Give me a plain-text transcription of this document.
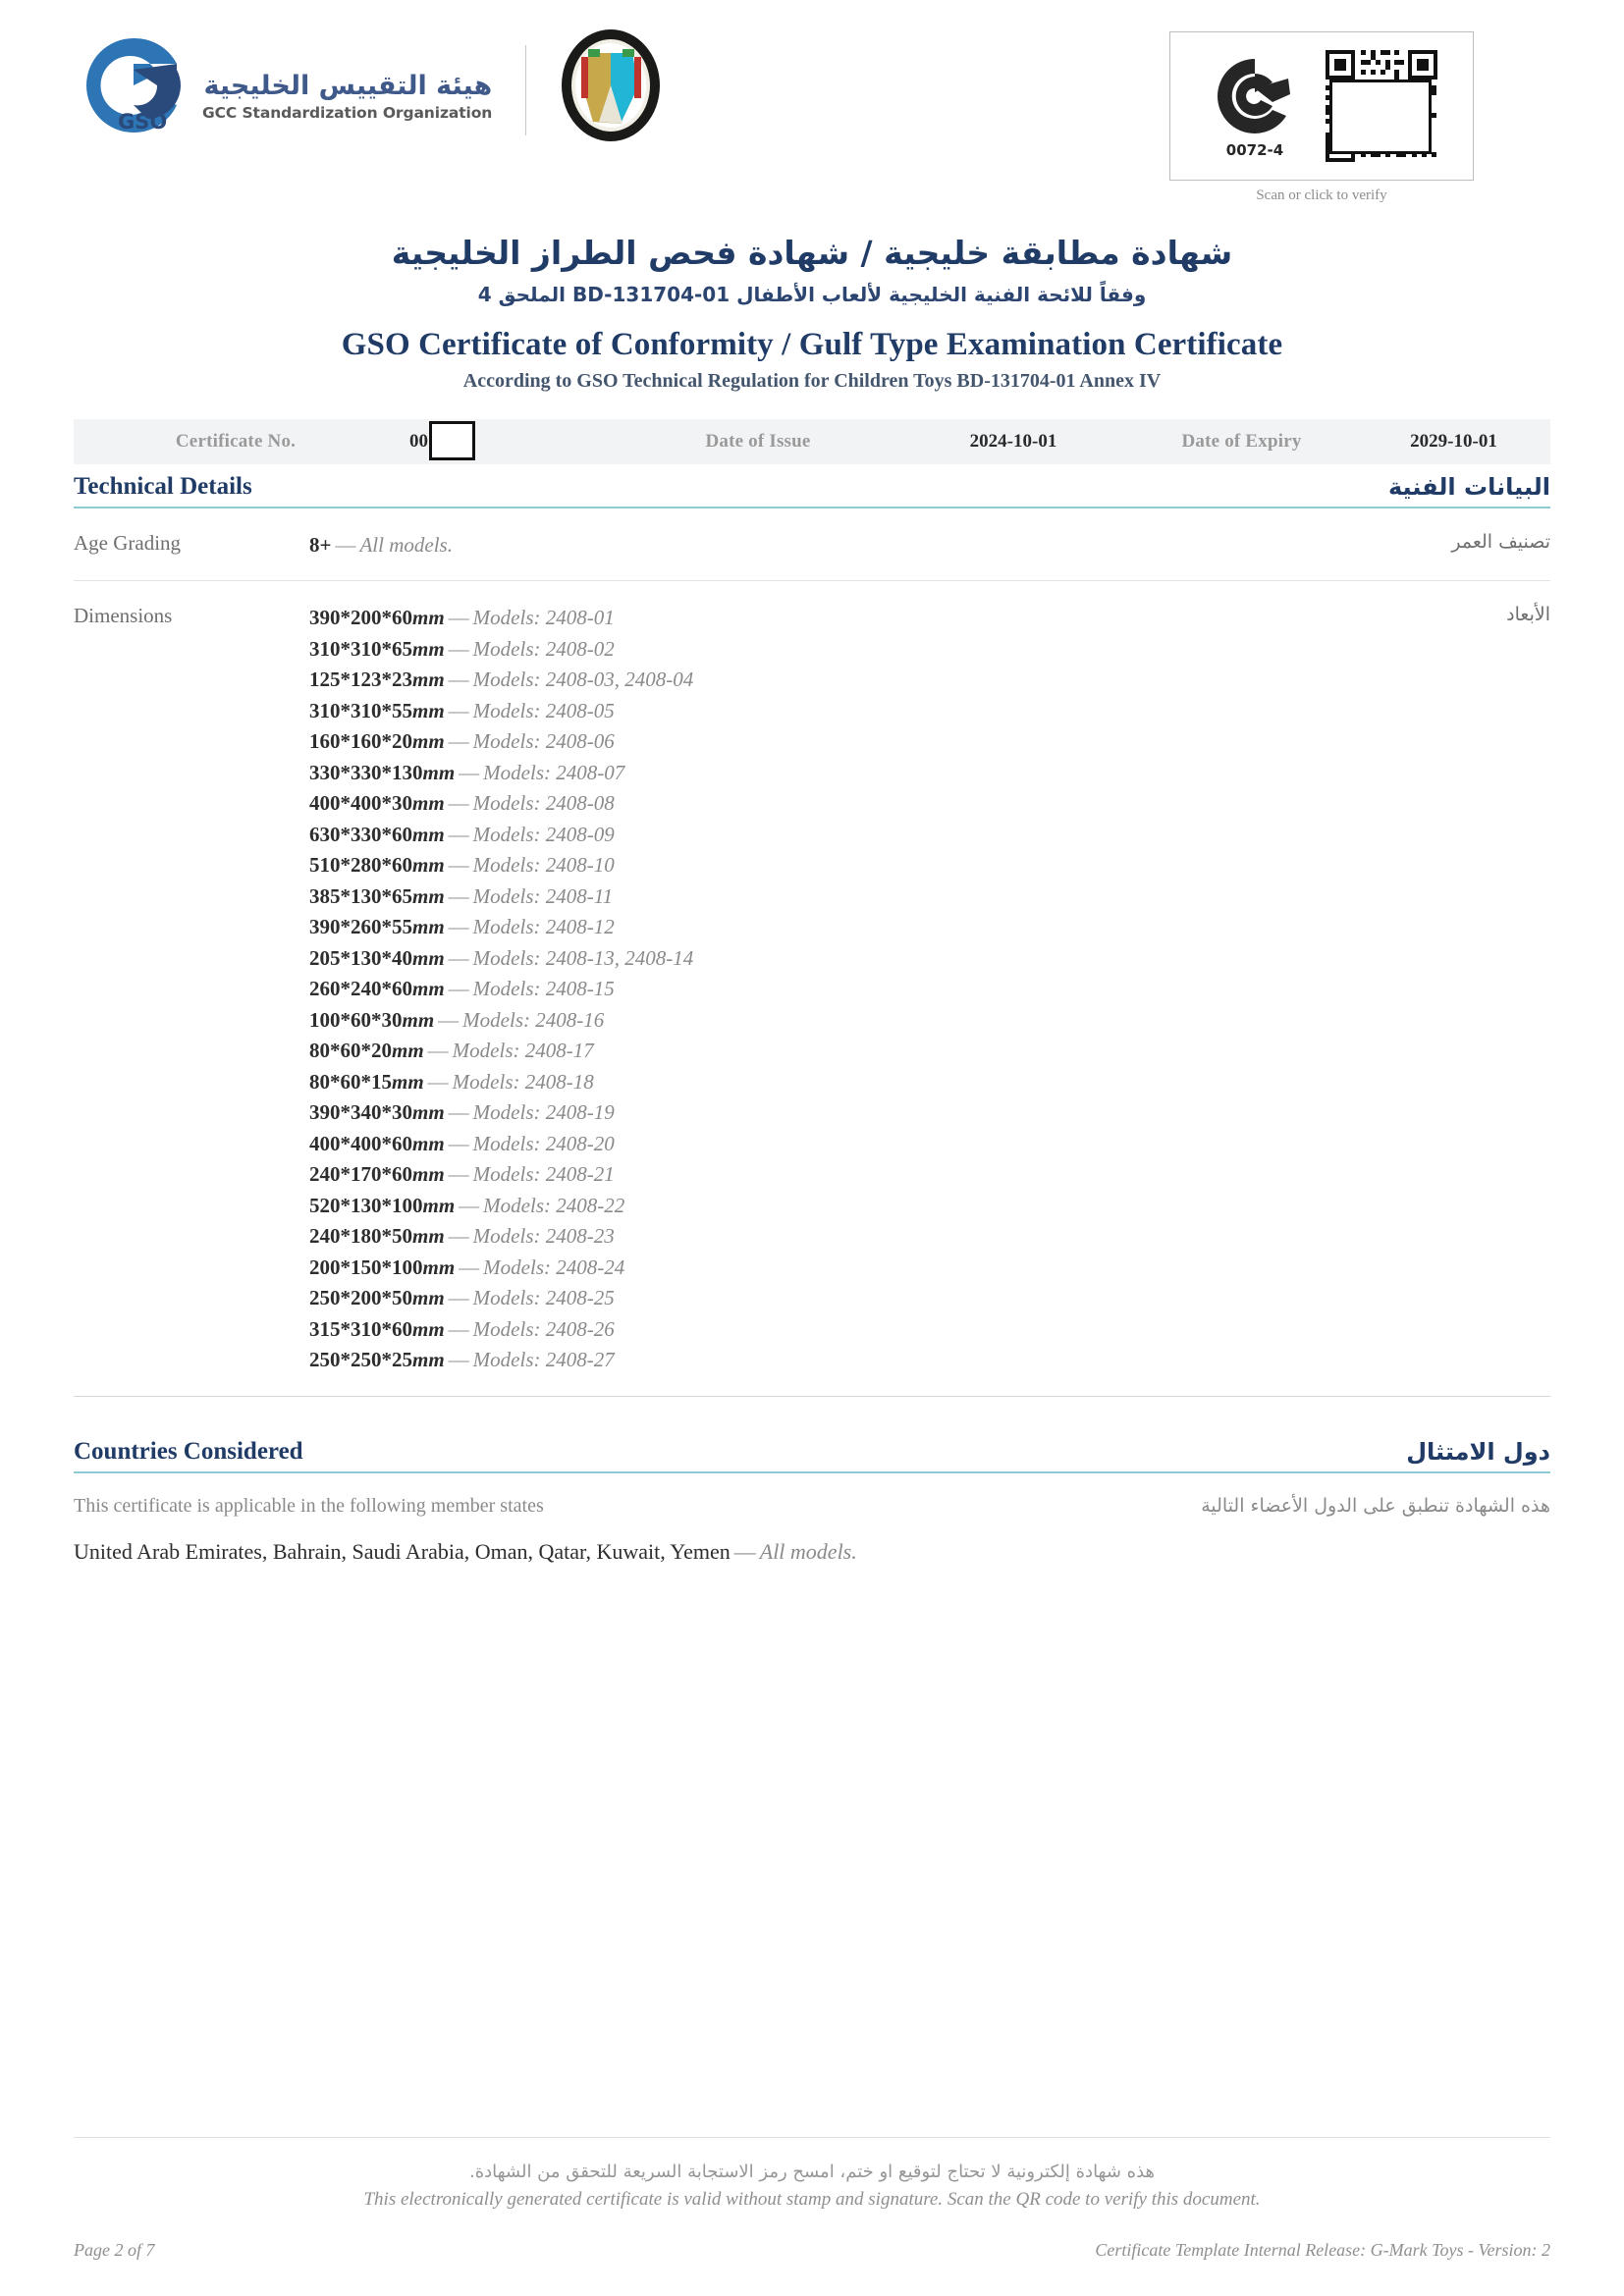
GSO
هيئة التقييس الخليجية
GCC Standardization Organization
0072-4
Scan or click to verify
شهادة مطابقة خليجية / شهادة فحص الطراز الخليجية
وفقاً للائحة الفنية الخليجية لألعاب الأطفال BD-131704-01 الملحق 4
GSO Certificate of Conformity / Gulf Type Examination Certificate
According to GSO Technical Regulation for Children Toys BD-131704-01 Annex IV
Certificate No.	00	Date of Issue	2024-10-01	Date of Expiry	2029-10-01
Technical Details	البيانات الفنية
Age Grading	8+ — All models.	تصنيف العمر
Dimensions	390*200*60mm — Models: 2408-01
310*310*65mm — Models: 2408-02
125*123*23mm — Models: 2408-03, 2408-04
310*310*55mm — Models: 2408-05
160*160*20mm — Models: 2408-06
330*330*130mm — Models: 2408-07
400*400*30mm — Models: 2408-08
630*330*60mm — Models: 2408-09
510*280*60mm — Models: 2408-10
385*130*65mm — Models: 2408-11
390*260*55mm — Models: 2408-12
205*130*40mm — Models: 2408-13, 2408-14
260*240*60mm — Models: 2408-15
100*60*30mm — Models: 2408-16
80*60*20mm — Models: 2408-17
80*60*15mm — Models: 2408-18
390*340*30mm — Models: 2408-19
400*400*60mm — Models: 2408-20
240*170*60mm — Models: 2408-21
520*130*100mm — Models: 2408-22
240*180*50mm — Models: 2408-23
200*150*100mm — Models: 2408-24
250*200*50mm — Models: 2408-25
315*310*60mm — Models: 2408-26
250*250*25mm — Models: 2408-27
الأبعاد
Countries Considered	دول الامتثال
This certificate is applicable in the following member states	هذه الشهادة تنطبق على الدول الأعضاء التالية
United Arab Emirates, Bahrain, Saudi Arabia, Oman, Qatar, Kuwait, Yemen — All models.
هذه شهادة إلكترونية لا تحتاج لتوقيع او ختم، امسح رمز الاستجابة السريعة للتحقق من الشهادة.
This electronically generated certificate is valid without stamp and signature. Scan the QR code to verify this document.
Page 2 of 7	Certificate Template Internal Release: G-Mark Toys - Version: 2
